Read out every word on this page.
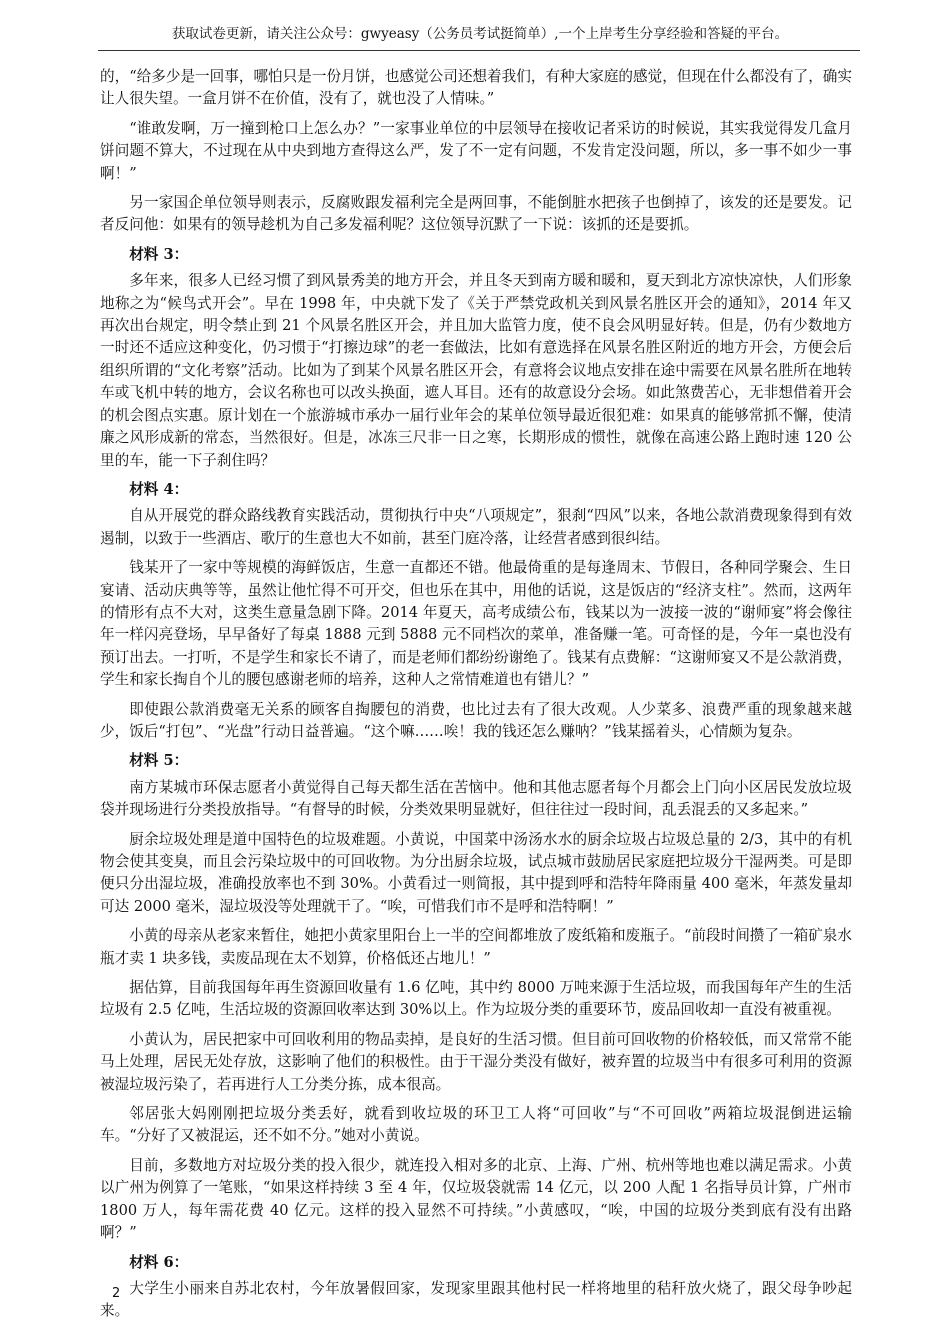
获取试卷更新，请关注公众号：gwyeasy（公务员考试挺简单）,一个上岸考生分享经验和答疑的平台。

的，“给多少是一回事，哪怕只是一份月饼，也感觉公司还想着我们，有种大家庭的感觉，但现在什么都没有了，确实让人很失望。一盒月饼不在价值，没有了，就也没了人情味。”

“谁敢发啊，万一撞到枪口上怎么办？”一家事业单位的中层领导在接收记者采访的时候说，其实我觉得发几盒月饼问题不算大，不过现在从中央到地方查得这么严，发了不一定有问题，不发肯定没问题，所以，多一事不如少一事啊！”

另一家国企单位领导则表示，反腐败跟发福利完全是两回事，不能倒脏水把孩子也倒掉了，该发的还是要发。记者反问他：如果有的领导趁机为自己多发福利呢？这位领导沉默了一下说：该抓的还是要抓。

材料 3：

多年来，很多人已经习惯了到风景秀美的地方开会，并且冬天到南方暖和暖和，夏天到北方凉快凉快，人们形象地称之为“候鸟式开会”。早在 1998 年，中央就下发了《关于严禁党政机关到风景名胜区开会的通知》，2014 年又再次出台规定，明令禁止到 21 个风景名胜区开会，并且加大监管力度，使不良会风明显好转。但是，仍有少数地方一时还不适应这种变化，仍习惯于“打擦边球”的老一套做法，比如有意选择在风景名胜区附近的地方开会，方便会后组织所谓的“文化考察”活动。比如为了到某个风景名胜区开会，有意将会议地点安排在途中需要在风景名胜所在地转车或飞机中转的地方，会议名称也可以改头换面，遮人耳目。还有的故意设分会场。如此煞费苦心，无非想借着开会的机会图点实惠。原计划在一个旅游城市承办一届行业年会的某单位领导最近很犯难：如果真的能够常抓不懈，使清廉之风形成新的常态，当然很好。但是，冰冻三尺非一日之寒，长期形成的惯性，就像在高速公路上跑时速 120 公里的车，能一下子刹住吗？

材料 4：

自从开展党的群众路线教育实践活动，贯彻执行中央“八项规定”，狠刹“四风”以来，各地公款消费现象得到有效遏制，以致于一些酒店、歌厅的生意也大不如前，甚至门庭冷落，让经营者感到很纠结。

钱某开了一家中等规模的海鲜饭店，生意一直都还不错。他最倚重的是每逢周末、节假日，各种同学聚会、生日宴请、活动庆典等等，虽然让他忙得不可开交，但也乐在其中，用他的话说，这是饭店的“经济支柱”。然而，这两年的情形有点不大对，这类生意量急剧下降。2014 年夏天，高考成绩公布，钱某以为一波接一波的“谢师宴”将会像往年一样闪亮登场，早早备好了每桌 1888 元到 5888 元不同档次的菜单，准备赚一笔。可奇怪的是，今年一桌也没有预订出去。一打听，不是学生和家长不请了，而是老师们都纷纷谢绝了。钱某有点费解：“这谢师宴又不是公款消费，学生和家长掏自个儿的腰包感谢老师的培养，这种人之常情难道也有错儿？”

即使跟公款消费毫无关系的顾客自掏腰包的消费，也比过去有了很大改观。人少菜多、浪费严重的现象越来越少，饭后“打包”、“光盘”行动日益普遍。“这个嘛……唉！我的钱还怎么赚呐？”钱某摇着头，心情颇为复杂。

材料 5：

南方某城市环保志愿者小黄觉得自己每天都生活在苦恼中。他和其他志愿者每个月都会上门向小区居民发放垃圾袋并现场进行分类投放指导。“有督导的时候，分类效果明显就好，但往往过一段时间，乱丢混丢的又多起来。”

厨余垃圾处理是道中国特色的垃圾难题。小黄说，中国菜中汤汤水水的厨余垃圾占垃圾总量的 2/3，其中的有机物会使其变臭，而且会污染垃圾中的可回收物。为分出厨余垃圾，试点城市鼓励居民家庭把垃圾分干湿两类。可是即便只分出湿垃圾，准确投放率也不到 30%。小黄看过一则简报，其中提到呼和浩特年降雨量 400 毫米，年蒸发量却可达 2000 毫米，湿垃圾没等处理就干了。“唉，可惜我们市不是呼和浩特啊！”

小黄的母亲从老家来暂住，她把小黄家里阳台上一半的空间都堆放了废纸箱和废瓶子。“前段时间攒了一箱矿泉水瓶才卖 1 块多钱，卖废品现在太不划算，价格低还占地儿！”

据估算，目前我国每年再生资源回收量有 1.6 亿吨，其中约 8000 万吨来源于生活垃圾，而我国每年产生的生活垃圾有 2.5 亿吨，生活垃圾的资源回收率达到 30%以上。作为垃圾分类的重要环节，废品回收却一直没有被重视。

小黄认为，居民把家中可回收利用的物品卖掉，是良好的生活习惯。但目前可回收物的价格较低，而又常常不能马上处理，居民无处存放，这影响了他们的积极性。由于干湿分类没有做好，被弃置的垃圾当中有很多可利用的资源被湿垃圾污染了，若再进行人工分类分拣，成本很高。

邻居张大妈刚刚把垃圾分类丢好，就看到收垃圾的环卫工人将“可回收”与“不可回收”两箱垃圾混倒进运输车。“分好了又被混运，还不如不分。”她对小黄说。

目前，多数地方对垃圾分类的投入很少，就连投入相对多的北京、上海、广州、杭州等地也难以满足需求。小黄以广州为例算了一笔账，“如果这样持续 3 至 4 年，仅垃圾袋就需 14 亿元，以 200 人配 1 名指导员计算，广州市 1800 万人，每年需花费 40 亿元。这样的投入显然不可持续。”小黄感叹，“唉，中国的垃圾分类到底有没有出路啊？”

材料 6：

大学生小丽来自苏北农村，今年放暑假回家，发现家里跟其他村民一样将地里的秸秆放火烧了，跟父母争吵起来。

2
